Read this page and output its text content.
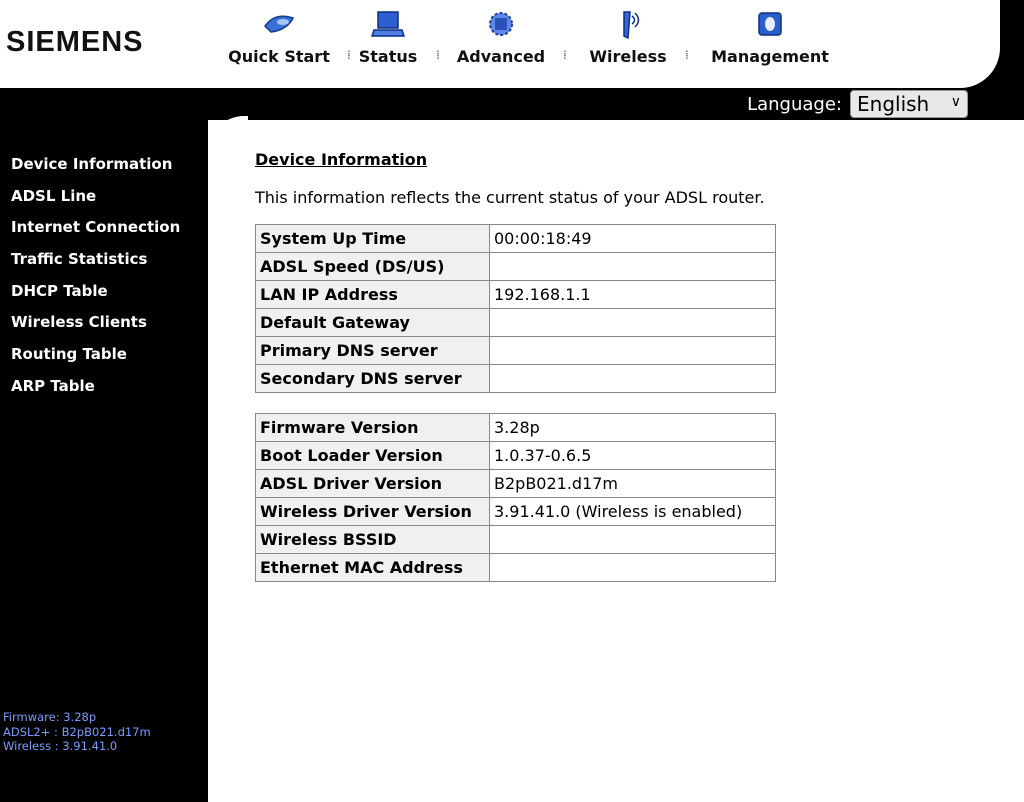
SIEMENS	Quick Start ⁞ Status ⁞ Advanced ⁞ Wireless ⁞ Management
Language: English ∨
Device Information
ADSL Line
Internet Connection
Traffic Statistics
DHCP Table
Wireless Clients
Routing Table
ARP Table
Firmware: 3.28p
ADSL2+ : B2pB021.d17m
Wireless : 3.91.41.0
Device Information
This information reflects the current status of your ADSL router.
System Up Time	00:00:18:49
ADSL Speed (DS/US)	
LAN IP Address	192.168.1.1
Default Gateway	
Primary DNS server	
Secondary DNS server	
Firmware Version	3.28p
Boot Loader Version	1.0.37-0.6.5
ADSL Driver Version	B2pB021.d17m
Wireless Driver Version	3.91.41.0 (Wireless is enabled)
Wireless BSSID	
Ethernet MAC Address	
